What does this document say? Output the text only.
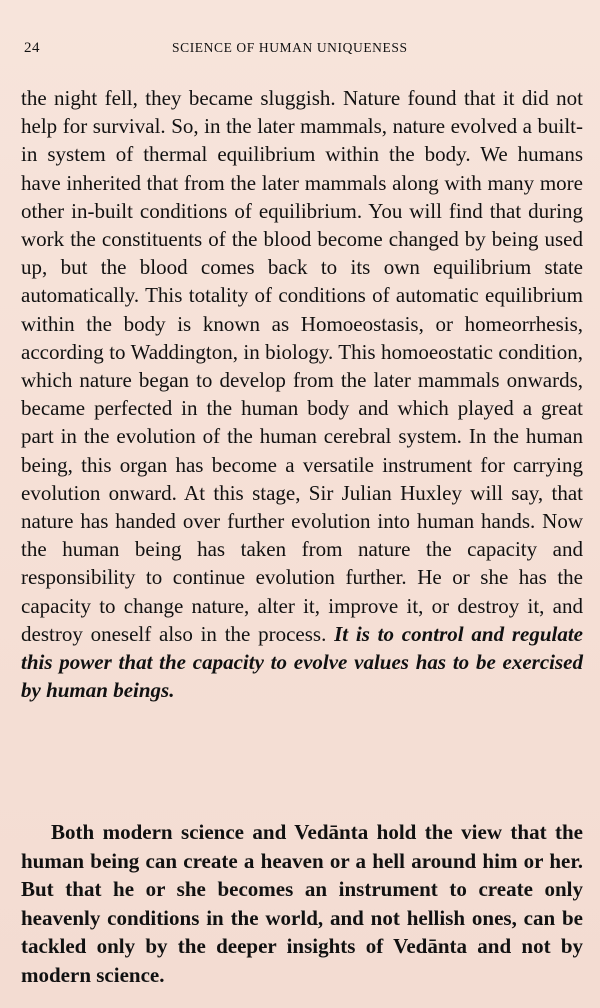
24	SCIENCE OF HUMAN UNIQUENESS

the night fell, they became sluggish. Nature found that it did not help for survival. So, in the later mammals, nature evolved a built-in system of thermal equilibrium within the body. We humans have inherited that from the later mammals along with many more other in-built conditions of equilibrium. You will find that during work the constituents of the blood become changed by being used up, but the blood comes back to its own equilibrium state automatically. This totality of conditions of automatic equilibrium within the body is known as Homoeostasis, or homeorrhesis, according to Waddington, in biology. This homoeostatic condition, which nature began to develop from the later mammals onwards, became perfected in the human body and which played a great part in the evolution of the human cerebral system. In the human being, this organ has become a versatile instrument for carrying evolution onward. At this stage, Sir Julian Huxley will say, that nature has handed over further evolution into human hands. Now the human being has taken from nature the capacity and responsibility to continue evolution further. He or she has the capacity to change nature, alter it, improve it, or destroy it, and destroy oneself also in the process. It is to control and regulate this power that the capacity to evolve values has to be exercised by human beings.

Both modern science and Vedānta hold the view that the human being can create a heaven or a hell around him or her. But that he or she becomes an instrument to create only heavenly conditions in the world, and not hellish ones, can be tackled only by the deeper insights of Vedānta and not by modern science.
